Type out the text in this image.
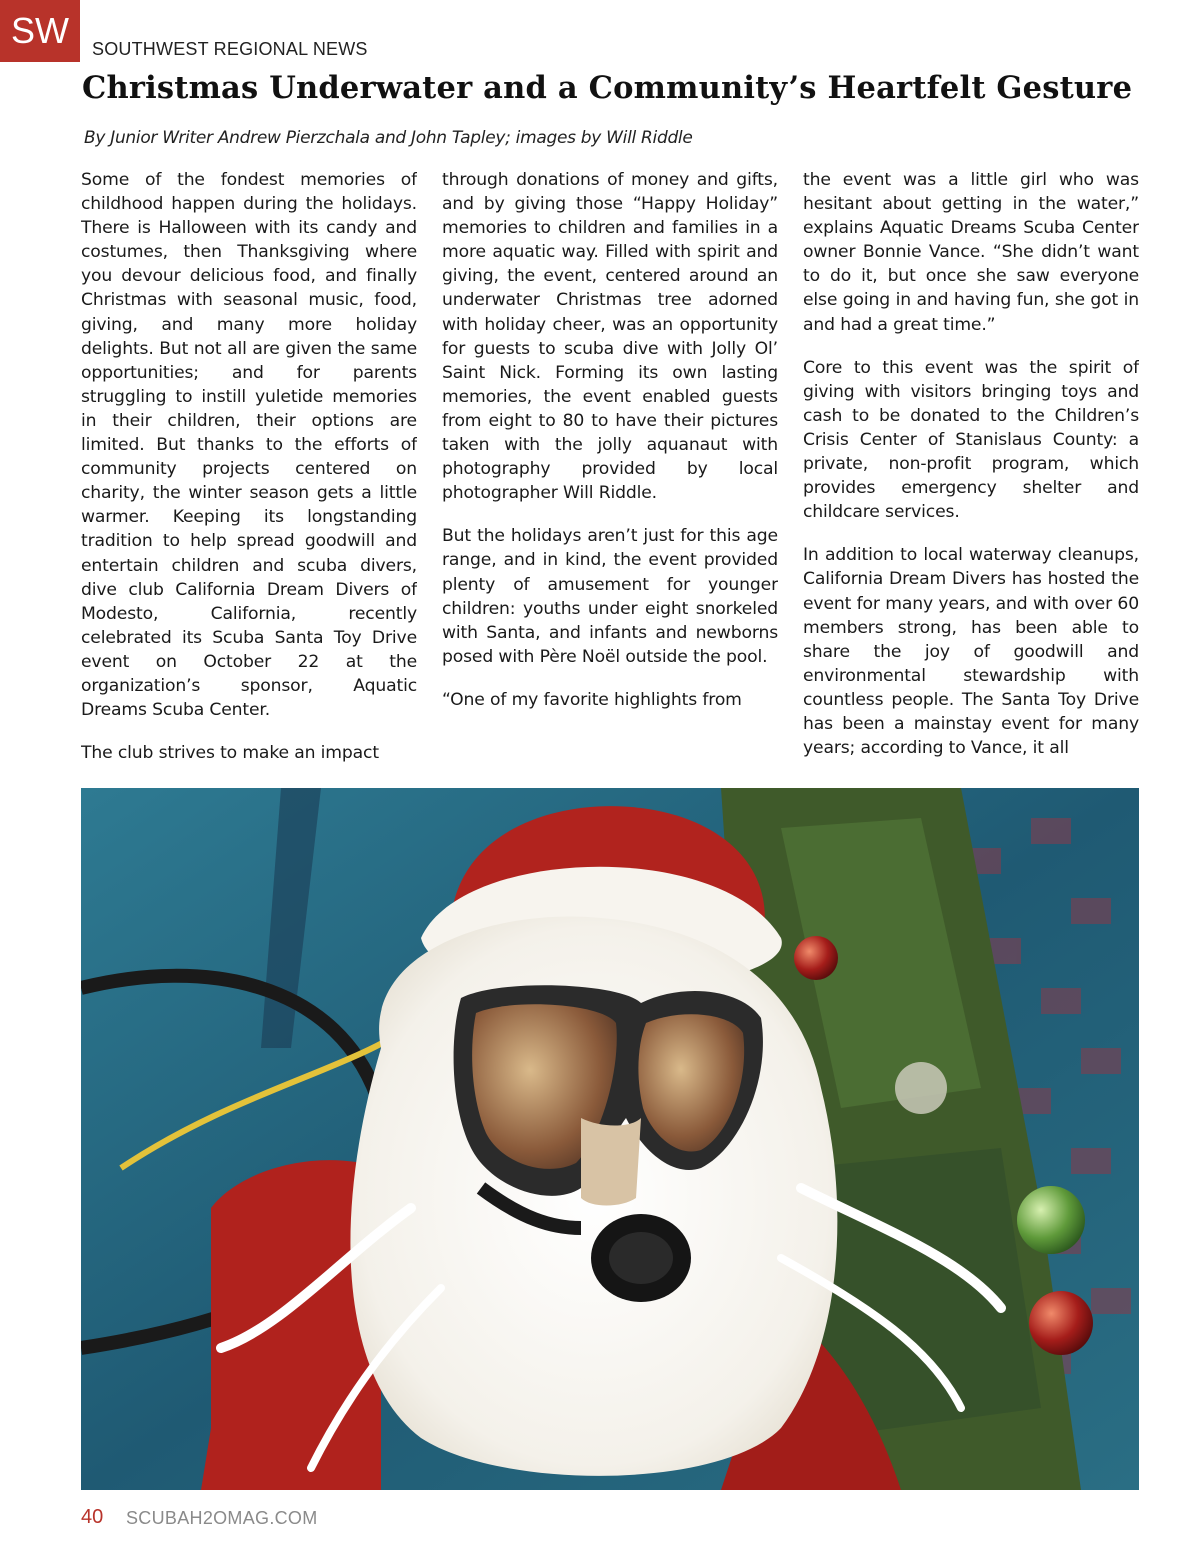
SW	SOUTHWEST REGIONAL NEWS
Christmas Underwater and a Community’s Heartfelt Gesture
By Junior Writer Andrew Pierzchala and John Tapley; images by Will Riddle

Some of the fondest memories of childhood happen during the holidays. There is Halloween with its candy and costumes, then Thanksgiving where you devour delicious food, and finally Christmas with seasonal music, food, giving, and many more holiday delights. But not all are given the same opportunities; and for parents struggling to instill yuletide memories in their children, their options are limited. But thanks to the efforts of community projects centered on charity, the winter season gets a little warmer. Keeping its longstanding tradition to help spread goodwill and entertain children and scuba divers, dive club California Dream Divers of Modesto, California, recently celebrated its Scuba Santa Toy Drive event on October 22 at the organization’s sponsor, Aquatic Dreams Scuba Center.

The club strives to make an impact

through donations of money and gifts, and by giving those “Happy Holiday” memories to children and families in a more aquatic way. Filled with spirit and giving, the event, centered around an underwater Christmas tree adorned with holiday cheer, was an opportunity for guests to scuba dive with Jolly Ol’ Saint Nick. Forming its own lasting memories, the event enabled guests from eight to 80 to have their pictures taken with the jolly aquanaut with photography provided by local photographer Will Riddle.

But the holidays aren’t just for this age range, and in kind, the event provided plenty of amusement for younger children: youths under eight snorkeled with Santa, and infants and newborns posed with Père Noël outside the pool.

“One of my favorite highlights from

the event was a little girl who was hesitant about getting in the water,” explains Aquatic Dreams Scuba Center owner Bonnie Vance. “She didn’t want to do it, but once she saw everyone else going in and having fun, she got in and had a great time.”

Core to this event was the spirit of giving with visitors bringing toys and cash to be donated to the Children’s Crisis Center of Stanislaus County: a private, non-profit program, which provides emergency shelter and childcare services.

In addition to local waterway cleanups, California Dream Divers has hosted the event for many years, and with over 60 members strong, has been able to share the joy of goodwill and environmental stewardship with countless people. The Santa Toy Drive has been a mainstay event for many years; according to Vance, it all

40 SCUBAH2OMAG.COM
